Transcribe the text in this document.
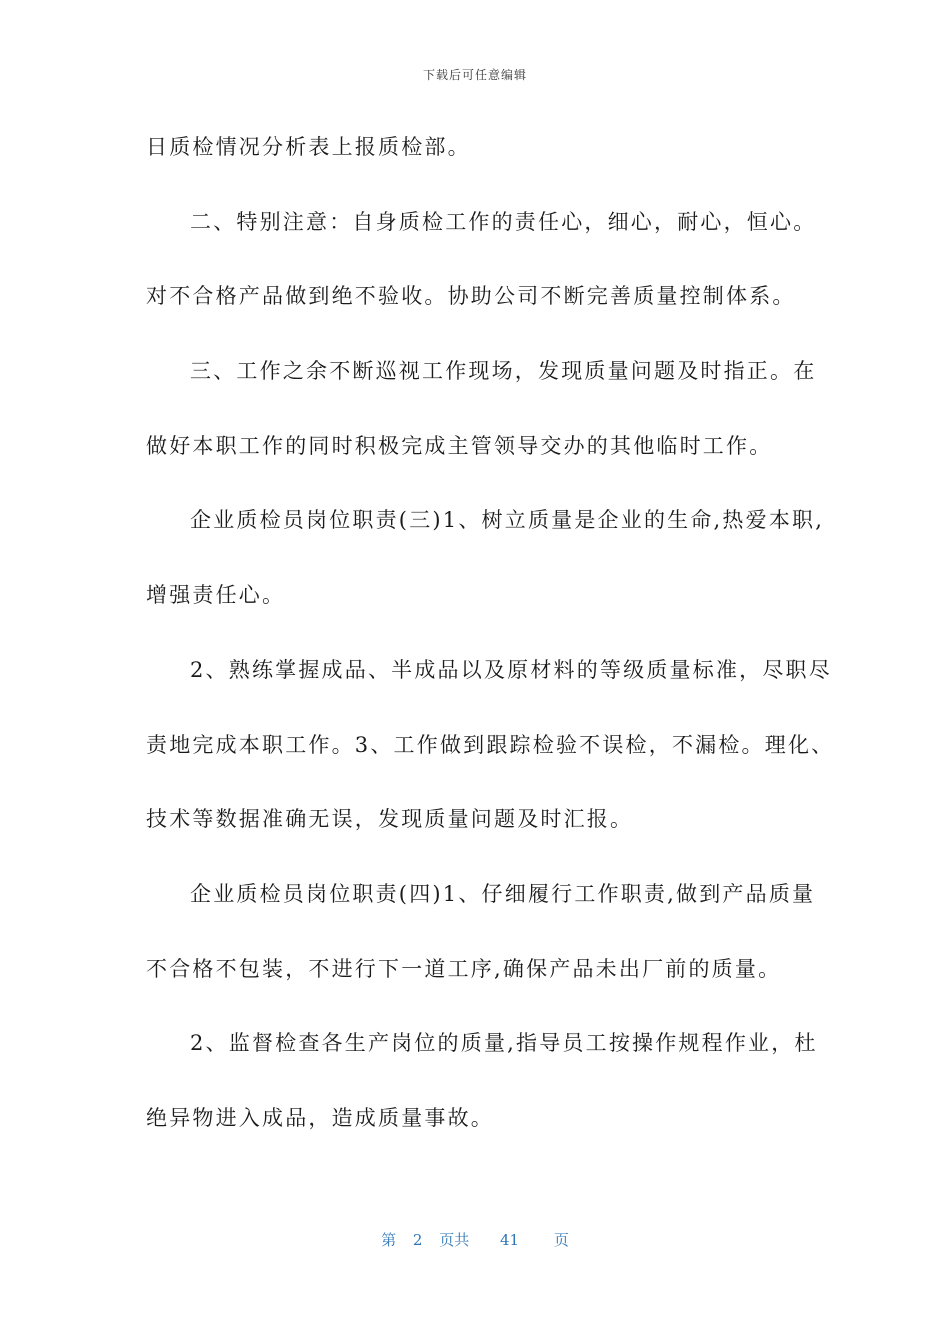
下载后可任意编辑
日质检情况分析表上报质检部。
二、特别注意：自身质检工作的责任心，细心，耐心，恒心。
对不合格产品做到绝不验收。协助公司不断完善质量控制体系。
三、工作之余不断巡视工作现场，发现质量问题及时指正。在
做好本职工作的同时积极完成主管领导交办的其他临时工作。
企业质检员岗位职责(三)1、树立质量是企业的生命,热爱本职,
增强责任心。
2、熟练掌握成品、半成品以及原材料的等级质量标准，尽职尽
责地完成本职工作。3、工作做到跟踪检验不误检，不漏检。理化、
技术等数据准确无误，发现质量问题及时汇报。
企业质检员岗位职责(四)1、仔细履行工作职责,做到产品质量
不合格不包装，不进行下一道工序,确保产品未出厂前的质量。
2、监督检查各生产岗位的质量,指导员工按操作规程作业，杜
绝异物进入成品，造成质量事故。
第 2 页共 41 页
